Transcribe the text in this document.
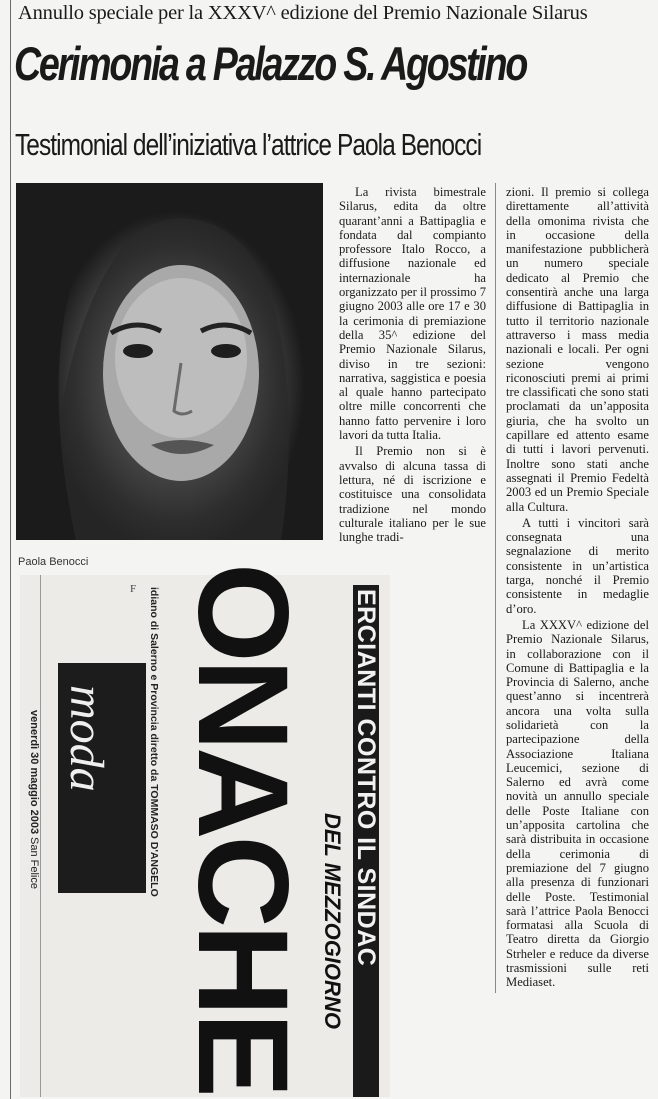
Annullo speciale per la XXXV^ edizione del Premio Nazionale Silarus
Cerimonia a Palazzo S. Agostino
Testimonial dell’iniziativa l’attrice Paola Benocci
Paola Benocci

La rivista bimestrale Silarus, edita da oltre quarant’anni a Battipaglia e fondata dal compianto professore Italo Rocco, a diffusione nazionale ed internazionale ha organizzato per il prossimo 7 giugno 2003 alle ore 17 e 30 la cerimonia di premiazione della 35^ edizione del Premio Nazionale Silarus, diviso in tre sezioni: narrativa, saggistica e poesia al quale hanno partecipato oltre mille concorrenti che hanno fatto pervenire i loro lavori da tutta Italia.

Il Premio non si è avvalso di alcuna tassa di lettura, né di iscrizione e costituisce una consolidata tradizione nel mondo culturale italiano per le sue lunghe tradi-

zioni. Il premio si collega direttamente all’attività della omonima rivista che in occasione della manifestazione pubblicherà un numero speciale dedicato al Premio che consentirà anche una larga diffusione di Battipaglia in tutto il territorio nazionale attraverso i mass media nazionali e locali. Per ogni sezione vengono riconosciuti premi ai primi tre classificati che sono stati proclamati da un’apposita giuria, che ha svolto un capillare ed attento esame di tutti i lavori pervenuti. Inoltre sono stati anche assegnati il Premio Fedeltà 2003 ed un Premio Speciale alla Cultura.

A tutti i vincitori sarà consegnata una segnalazione di merito consistente in un’artistica targa, nonché il Premio consistente in medaglie d’oro.

La XXXV^ edizione del Premio Nazionale Silarus, in collaborazione con il Comune di Battipaglia e la Provincia di Salerno, anche quest’anno si incentrerà ancora una volta sulla solidarietà con la partecipazione della Associazione Italiana Leucemici, sezione di Salerno ed avrà come novità un annullo speciale delle Poste Italiane con un’apposita cartolina che sarà distribuita in occasione della cerimonia di premiazione del 7 giugno alla presenza di funzionari delle Poste. Testimonial sarà l’attrice Paola Benocci formatasi alla Scuola di Teatro diretta da Giorgio Strheler e reduce da diverse trasmissioni sulle reti Mediaset.

venerdì 30 maggio 2003
San Felice
F
moda	idiano di Salerno e Provincia diretto da TOMMASO D'ANGELO ONACHE DEL MEZZOGIORNO ERCIANTI CONTRO IL SINDAC
